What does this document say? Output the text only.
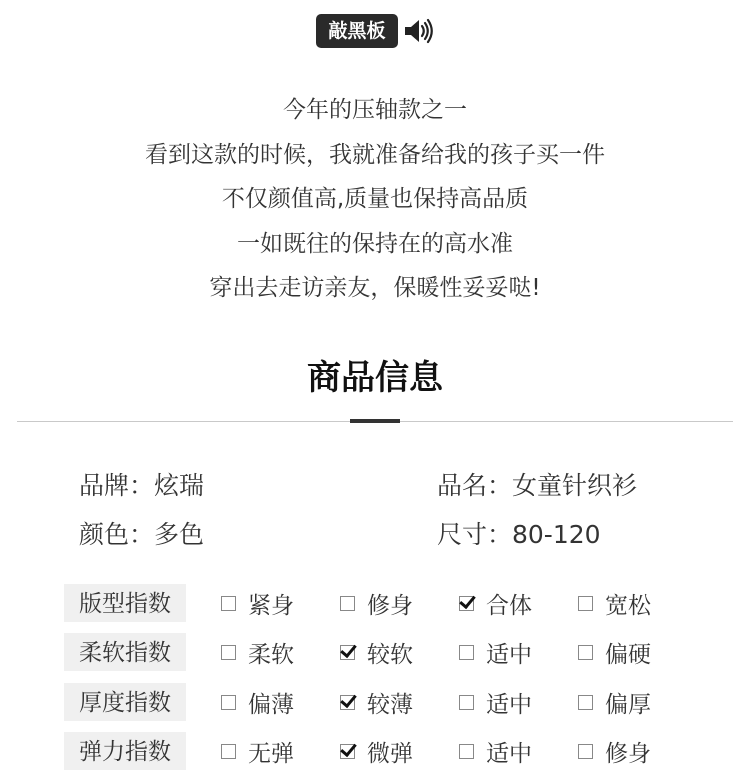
敲黑板
今年的压轴款之一
看到这款的时候，我就准备给我的孩子买一件
不仅颜值高,质量也保持高品质
一如既往的保持在的高水准
穿出去走访亲友，保暖性妥妥哒!
商品信息
品牌：炫瑞	品名：女童针织衫
颜色：多色	尺寸：80-120
版型指数	紧身	修身	合体	宽松
柔软指数	柔软	较软	适中	偏硬
厚度指数	偏薄	较薄	适中	偏厚
弹力指数	无弹	微弹	适中	修身
